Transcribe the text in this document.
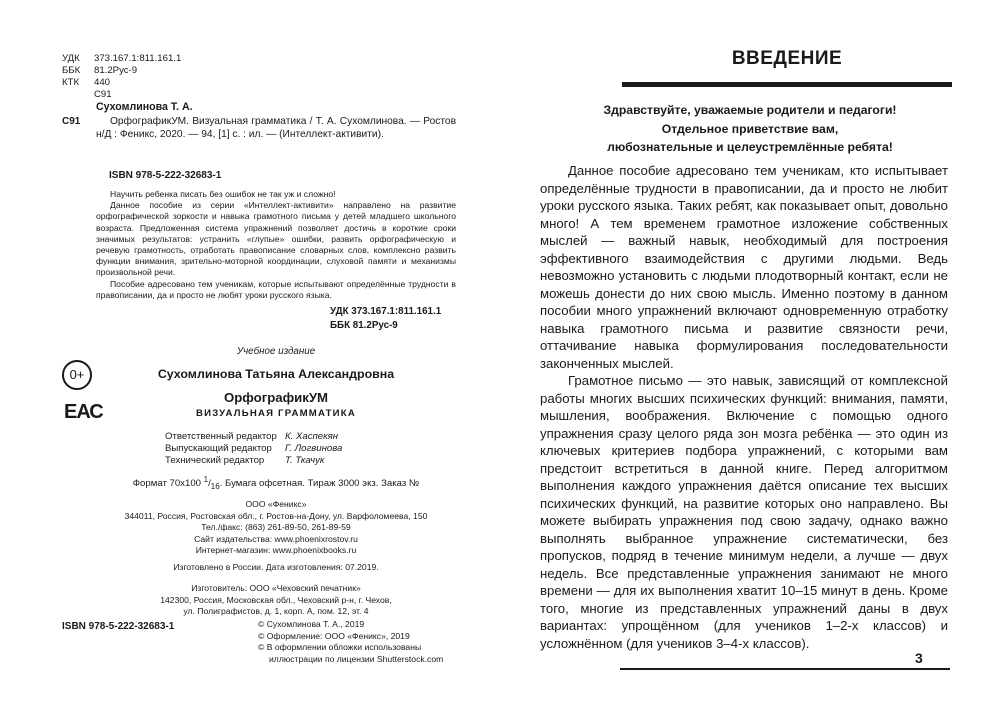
УДК 373.167.1:811.161.1
ББК 81.2Рус-9
КТК 440
С91
Сухомлинова Т. А.
С91	ОрфографикУМ. Визуальная грамматика / Т. А. Сухомлинова. — Ростов н/Д : Феникс, 2020. — 94, [1] с. : ил. — (Интеллект-активити).
ISBN 978-5-222-32683-1
Научить ребенка писать без ошибок не так уж и сложно!
Данное пособие из серии «Интеллект-активити» направлено на развитие орфографической зоркости и навыка грамотного письма у детей младшего школьного возраста. Предложенная система упражнений позволяет достичь в короткие сроки значимых результатов: устранить «глупые» ошибки, развить орфографическую и речевую грамотность, отработать правописание словарных слов, комплексно развить функции внимания, зрительно-моторной координации, слуховой памяти и механизмы произвольной речи.
Пособие адресовано тем ученикам, которые испытывают определённые трудности в правописании, да и просто не любят уроки русского языка.
УДК 373.167.1:811.161.1
ББК 81.2Рус-9
0+
ЕАС
Учебное издание
Сухомлинова Татьяна Александровна
ОрфографикУМ
ВИЗУАЛЬНАЯ ГРАММАТИКА
Ответственный редактор К. Хаспекян
Выпускающий редактор	Г. Логвинова
Технический редактор	Т. Ткачук
Формат 70х100 $^1/_{16}$. Бумага офсетная. Тираж 3000 экз. Заказ №
ООО «Феникс»
344011, Россия, Ростовская обл., г. Ростов-на-Дону, ул. Варфоломеева, 150
Тел./факс: (863) 261-89-50, 261-89-59
Сайт издательства: www.phoenixrostov.ru
Интернет-магазин: www.phoenixbooks.ru
Изготовлено в России. Дата изготовления: 07.2019.
Изготовитель: ООО «Чеховский печатник»
142300, Россия, Московская обл., Чеховский р-н, г. Чехов,
ул. Полиграфистов, д. 1, корп. А, пом. 12, эт. 4
ISBN 978-5-222-32683-1	© Сухомлинова Т. А., 2019
© Оформление: ООО «Феникс», 2019
© В оформлении обложки использованы
иллюстрации по лицензии Shutterstock.com
ВВЕДЕНИЕ
Здравствуйте, уважаемые родители и педагоги!
Отдельное приветствие вам,
любознательные и целеустремлённые ребята!

Данное пособие адресовано тем ученикам, кто испытывает определённые трудности в правописании, да и просто не любит уроки русского языка. Таких ребят, как показывает опыт, довольно много! А тем временем грамотное изложение собственных мыслей — важный навык, необходимый для построения эффективного взаимодействия с другими людьми. Ведь невозможно установить с людьми плодотворный контакт, если не можешь донести до них свою мысль. Именно поэтому в данном пособии много упражнений включают одновременную отработку навыка грамотного письма и развитие связности речи, оттачивание навыка формулирования последовательности законченных мыслей.

Грамотное письмо — это навык, зависящий от комплексной работы многих высших психических функций: внимания, памяти, мышления, воображения. Включение с помощью одного упражнения сразу целого ряда зон мозга ребёнка — это один из ключевых критериев подбора упражнений, с которыми вам предстоит встретиться в данной книге. Перед алгоритмом выполнения каждого упражнения даётся описание тех высших психических функций, на развитие которых оно направлено. Вы можете выбирать упражнения под свою задачу, однако важно выполнять выбранное упражнение систематически, без пропусков, подряд в течение минимум недели, а лучше — двух недель. Все представленные упражнения занимают не много времени — для их выполнения хватит 10–15 минут в день. Кроме того, многие из представленных упражнений даны в двух вариантах: упрощённом (для учеников 1–2-х классов) и усложнённом (для учеников 3–4-х классов).

3
